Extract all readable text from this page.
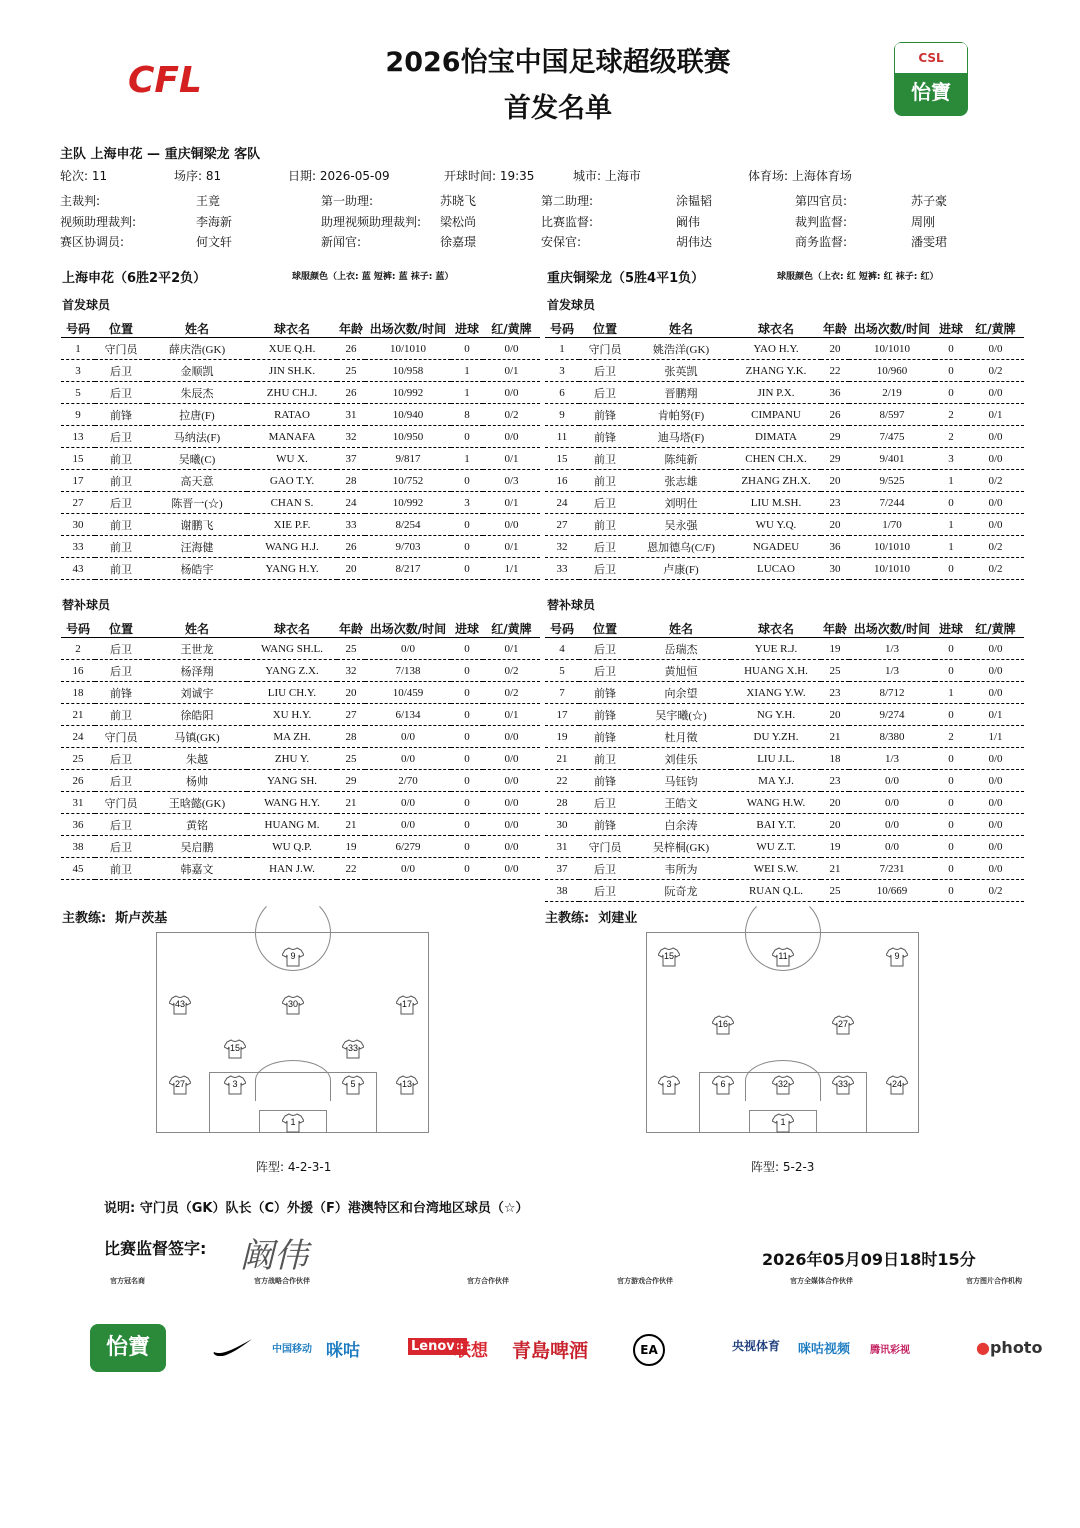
CFL	2026怡宝中国足球超级联赛
首发名单
CSL
怡寶
主队 上海申花 — 重庆铜梁龙 客队
轮次: 11	场序: 81	日期: 2026-05-09	开球时间: 19:35	城市: 上海市	体育场: 上海体育场
主裁判:	王竟	第一助理:	苏晓飞	第二助理:	涂韫韬	第四官员:	苏子豪
视频助理裁判:	李海新	助理视频助理裁判: 梁松尚	比赛监督:	阚伟	裁判监督:	周刚
赛区协调员:	何文轩	新闻官:	徐嘉璟	安保官:	胡伟达	商务监督:	潘雯珺
上海申花（6胜2平2负）	球服颜色（上衣: 蓝 短裤: 蓝 袜子: 蓝）	重庆铜梁龙（5胜4平1负）	球服颜色（上衣: 红 短裤: 红 袜子: 红）
首发球员	首发球员
替补球员	替补球员
号码	位置	姓名	球衣名	年龄	出场次数/时间	进球	红/黄牌
1	守门员	薛庆浩(GK)	XUE Q.H.	26	10/1010	0	0/0
3	后卫	金顺凯	JIN SH.K.	25	10/958	1	0/1
5	后卫	朱辰杰	ZHU CH.J.	26	10/992	1	0/0
9	前锋	拉唐(F)	RATAO	31	10/940	8	0/2
13	后卫	马纳法(F)	MANAFA	32	10/950	0	0/0
15	前卫	吴曦(C)	WU X.	37	9/817	1	0/1
17	前卫	高天意	GAO T.Y.	28	10/752	0	0/3
27	后卫	陈晋一(☆)	CHAN S.	24	10/992	3	0/1
30	前卫	谢鹏飞	XIE P.F.	33	8/254	0	0/0
33	前卫	汪海健	WANG H.J.	26	9/703	0	0/1
43	前卫	杨皓宇	YANG H.Y.	20	8/217	0	1/1
号码	位置	姓名	球衣名	年龄	出场次数/时间	进球	红/黄牌
1	守门员	姚浩洋(GK)	YAO H.Y.	20	10/1010	0	0/0
3	后卫	张英凯	ZHANG Y.K.	22	10/960	0	0/2
6	后卫	晋鹏翔	JIN P.X.	36	2/19	0	0/0
9	前锋	肯帕努(F)	CIMPANU	26	8/597	2	0/1
11	前锋	迪马塔(F)	DIMATA	29	7/475	2	0/0
15	前卫	陈纯新	CHEN CH.X.	29	9/401	3	0/0
16	前卫	张志雄	ZHANG ZH.X.	20	9/525	1	0/2
24	后卫	刘明仕	LIU M.SH.	23	7/244	0	0/0
27	前卫	吴永强	WU Y.Q.	20	1/70	1	0/0
32	后卫	恩加德乌(C/F)	NGADEU	36	10/1010	1	0/2
33	后卫	卢康(F)	LUCAO	30	10/1010	0	0/2
号码	位置	姓名	球衣名	年龄	出场次数/时间	进球	红/黄牌
2	后卫	王世龙	WANG SH.L.	25	0/0	0	0/1
16	后卫	杨泽翔	YANG Z.X.	32	7/138	0	0/2
18	前锋	刘诚宇	LIU CH.Y.	20	10/459	0	0/2
21	前卫	徐皓阳	XU H.Y.	27	6/134	0	0/1
24	守门员	马镇(GK)	MA ZH.	28	0/0	0	0/0
25	后卫	朱越	ZHU Y.	25	0/0	0	0/0
26	后卫	杨帅	YANG SH.	29	2/70	0	0/0
31	守门员	王晗懿(GK)	WANG H.Y.	21	0/0	0	0/0
36	后卫	黄铭	HUANG M.	21	0/0	0	0/0
38	后卫	吴启鹏	WU Q.P.	19	6/279	0	0/0
45	前卫	韩嘉文	HAN J.W.	22	0/0	0	0/0
号码	位置	姓名	球衣名	年龄	出场次数/时间	进球	红/黄牌
4	后卫	岳瑞杰	YUE R.J.	19	1/3	0	0/0
5	后卫	黄旭恒	HUANG X.H.	25	1/3	0	0/0
7	前锋	向余望	XIANG Y.W.	23	8/712	1	0/0
17	前锋	吴宇曦(☆)	NG Y.H.	20	9/274	0	0/1
19	前锋	杜月徵	DU Y.ZH.	21	8/380	2	1/1
21	前卫	刘佳乐	LIU J.L.	18	1/3	0	0/0
22	前锋	马钰钧	MA Y.J.	23	0/0	0	0/0
28	后卫	王皓文	WANG H.W.	20	0/0	0	0/0
30	前锋	白余涛	BAI Y.T.	20	0/0	0	0/0
31	守门员	吴梓桐(GK)	WU Z.T.	19	0/0	0	0/0
37	后卫	韦所为	WEI S.W.	21	7/231	0	0/0
38	后卫	阮奇龙	RUAN Q.L.	25	10/669	0	0/2
主教练: 斯卢茨基	主教练: 刘建业
9
43	30	17
15	33
27	3	5	13
1
15	11	9
16	27
3	6	32	33	24
1
阵型: 4-2-3-1	阵型: 5-2-3
说明: 守门员（GK）队长（C）外援（F）港澳特区和台湾地区球员（☆）
比赛监督签字: 阚伟	2026年05月09日18时15分
官方冠名商	官方战略合作伙伴	官方合作伙伴	官方游戏合作伙伴	官方全媒体合作伙伴	官方图片合作机构
怡寶	中国移动 咪咕	Lenovo
联想 青島啤酒	EA	央视体育 咪咕视频 腾讯彩视	●photo
